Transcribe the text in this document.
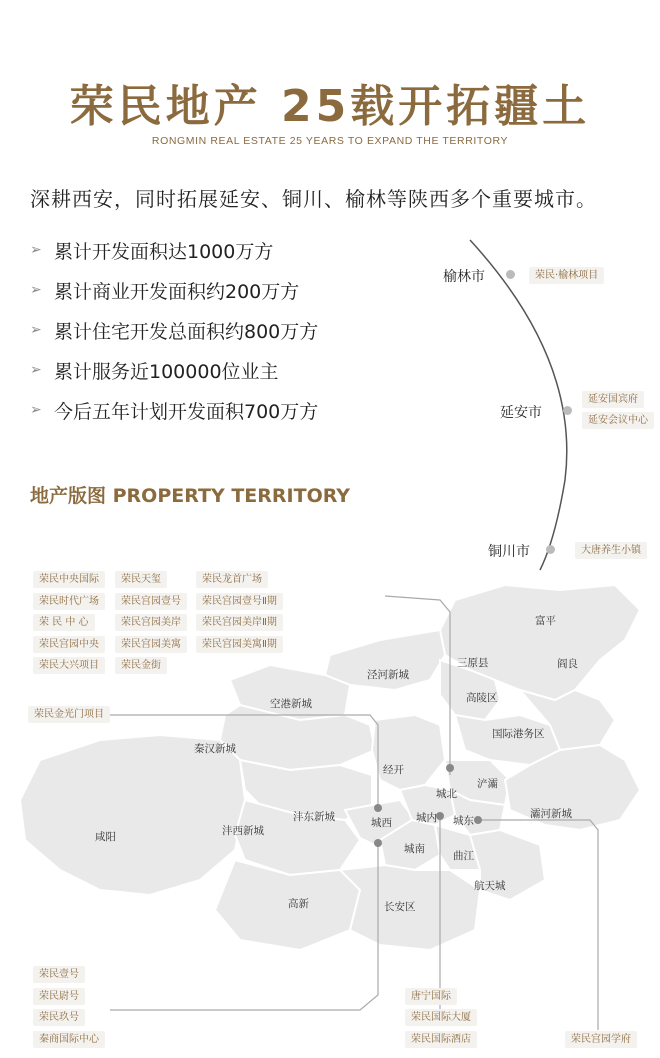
荣民地产 25载开拓疆土
RONGMIN REAL ESTATE 25 YEARS TO EXPAND THE TERRITORY
深耕西安，同时拓展延安、铜川、榆林等陕西多个重要城市。
➢ 累计开发面积达1000万方
➢ 累计商业开发面积约200万方
➢ 累计住宅开发总面积约800万方
➢ 累计服务近100000位业主
➢ 今后五年计划开发面积700万方
榆林市	荣民·榆林项目
延安市
延安国宾府
延安会议中心
铜川市	大唐养生小镇
地产版图 PROPERTY TERRITORY
荣民中央国际
荣民时代广场
荣 民 中 心
荣民宫园中央
荣民大兴项目
荣民天玺
荣民宫园壹号
荣民宫园美岸
荣民宫园美寓
荣民金街
荣民龙首广场
荣民宫园壹号Ⅱ期
荣民宫园美岸Ⅱ期
荣民宫园美寓Ⅱ期
荣民金光门项目
富平
三原县	阎良
泾河新城
高陵区
空港新城
国际港务区
秦汉新城
经开
浐灞
城北
灞河新城
咸阳
沣东新城
沣西新城
城西 城内 城东
城南
曲江
航天城
高新	长安区
荣民壹号
荣民尉号
荣民玖号
秦商国际中心
唐宁国际
荣民国际大厦
荣民国际酒店	荣民宫园学府
